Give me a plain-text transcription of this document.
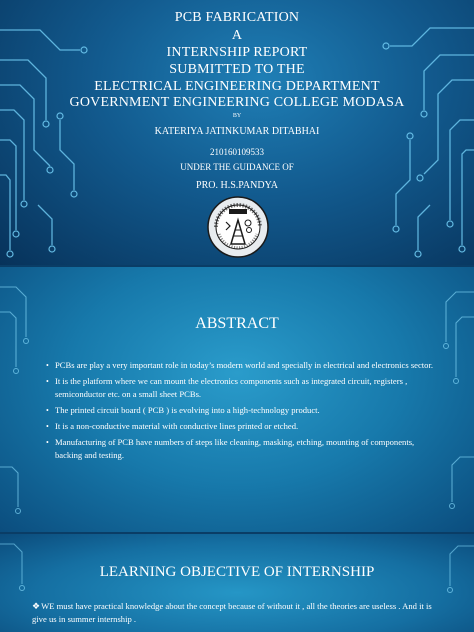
PCB FABRICATION
A
INTERNSHIP REPORT
SUBMITTED TO THE
ELECTRICAL ENGINEERING DEPARTMENT
GOVERNMENT ENGINEERING COLLEGE MODASA
BY
KATERIYA JATINKUMAR DITABHAI
210160109533
UNDER THE GUIDANCE OF
PRO. H.S.PANDYA
ABSTRACT
• PCBs are play a very important role in today’s modern world and specially in electrical and electronics sector.
• It is the platform where we can mount the electronics components such as integrated circuit, registers , semiconductor etc. on a small sheet PCBs.
• The printed circuit board ( PCB ) is evolving into a high-technology product.
• It is a non-conductive material with conductive lines printed or etched.
• Manufacturing of PCB have numbers of steps like cleaning, masking, etching, mounting of components, backing and testing.
LEARNING OBJECTIVE OF INTERNSHIP

❖WE must have practical knowledge about the concept because of without it , all the theories are useless . And it is give us in summer internship .
